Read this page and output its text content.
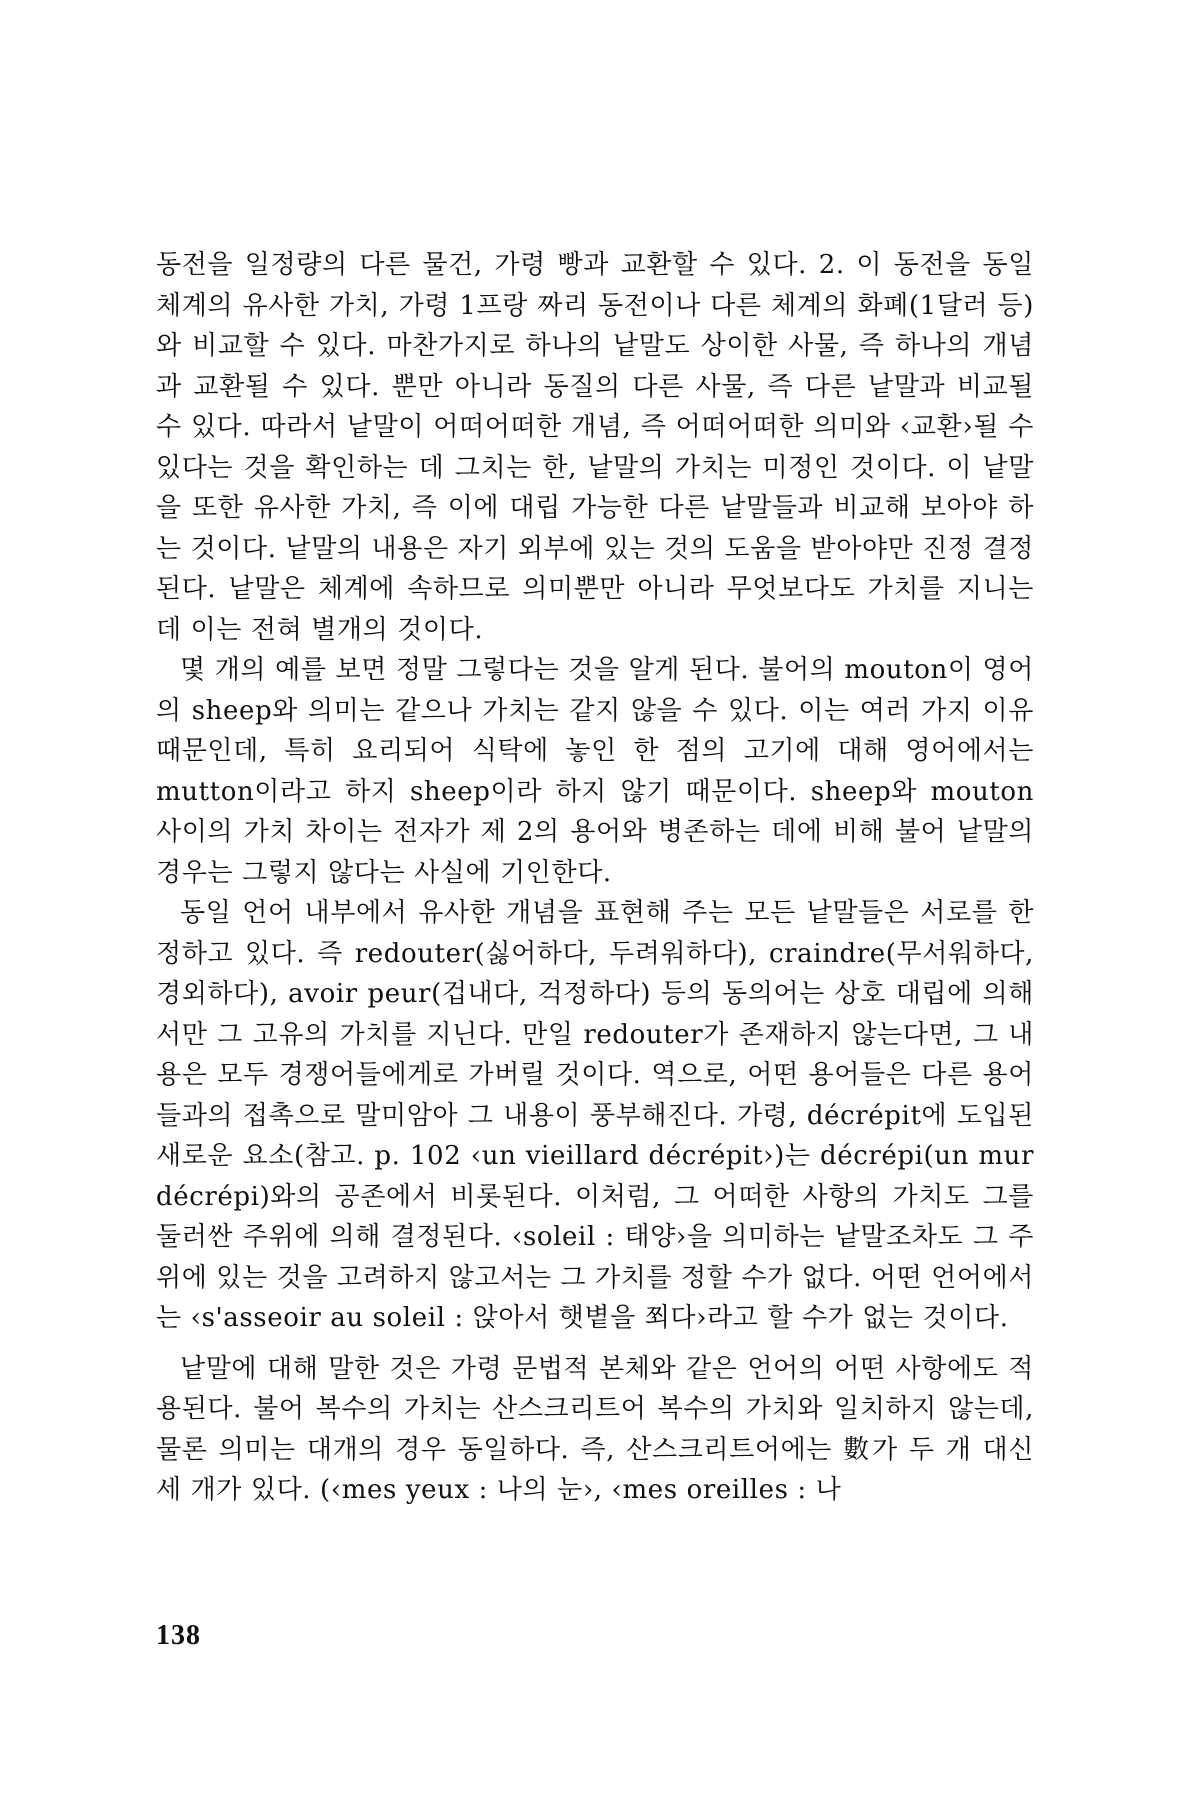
동전을 일정량의 다른 물건, 가령 빵과 교환할 수 있다. 2. 이 동전을 동일 체계의 유사한 가치, 가령 1프랑 짜리 동전이나 다른 체계의 화폐(1달러 등)와 비교할 수 있다. 마찬가지로 하나의 낱말도 상이한 사물, 즉 하나의 개념과 교환될 수 있다. 뿐만 아니라 동질의 다른 사물, 즉 다른 낱말과 비교될 수 있다. 따라서 낱말이 어떠어떠한 개념, 즉 어떠어떠한 의미와 ‹교환›될 수 있다는 것을 확인하는 데 그치는 한, 낱말의 가치는 미정인 것이다. 이 낱말을 또한 유사한 가치, 즉 이에 대립 가능한 다른 낱말들과 비교해 보아야 하는 것이다. 낱말의 내용은 자기 외부에 있는 것의 도움을 받아야만 진정 결정된다. 낱말은 체계에 속하므로 의미뿐만 아니라 무엇보다도 가치를 지니는 데 이는 전혀 별개의 것이다.

몇 개의 예를 보면 정말 그렇다는 것을 알게 된다. 불어의 mouton이 영어의 sheep와 의미는 같으나 가치는 같지 않을 수 있다. 이는 여러 가지 이유 때문인데, 특히 요리되어 식탁에 놓인 한 점의 고기에 대해 영어에서는 mutton이라고 하지 sheep이라 하지 않기 때문이다. sheep와 mouton 사이의 가치 차이는 전자가 제 2의 용어와 병존하는 데에 비해 불어 낱말의 경우는 그렇지 않다는 사실에 기인한다.

동일 언어 내부에서 유사한 개념을 표현해 주는 모든 낱말들은 서로를 한정하고 있다. 즉 redouter(싫어하다, 두려워하다), craindre(무서워하다, 경외하다), avoir peur(겁내다, 걱정하다) 등의 동의어는 상호 대립에 의해서만 그 고유의 가치를 지닌다. 만일 redouter가 존재하지 않는다면, 그 내용은 모두 경쟁어들에게로 가버릴 것이다. 역으로, 어떤 용어들은 다른 용어들과의 접촉으로 말미암아 그 내용이 풍부해진다. 가령, décrépit에 도입된 새로운 요소(참고. p. 102 ‹un vieillard décrépit›)는 décrépi(un mur décrépi)와의 공존에서 비롯된다. 이처럼, 그 어떠한 사항의 가치도 그를 둘러싼 주위에 의해 결정된다. ‹soleil : 태양›을 의미하는 낱말조차도 그 주위에 있는 것을 고려하지 않고서는 그 가치를 정할 수가 없다. 어떤 언어에서는 ‹s'asseoir au soleil : 앉아서 햇볕을 쬐다›라고 할 수가 없는 것이다.

낱말에 대해 말한 것은 가령 문법적 본체와 같은 언어의 어떤 사항에도 적용된다. 불어 복수의 가치는 산스크리트어 복수의 가치와 일치하지 않는데, 물론 의미는 대개의 경우 동일하다. 즉, 산스크리트어에는 數가 두 개 대신 세 개가 있다. (‹mes yeux : 나의 눈›, ‹mes oreilles : 나

138
